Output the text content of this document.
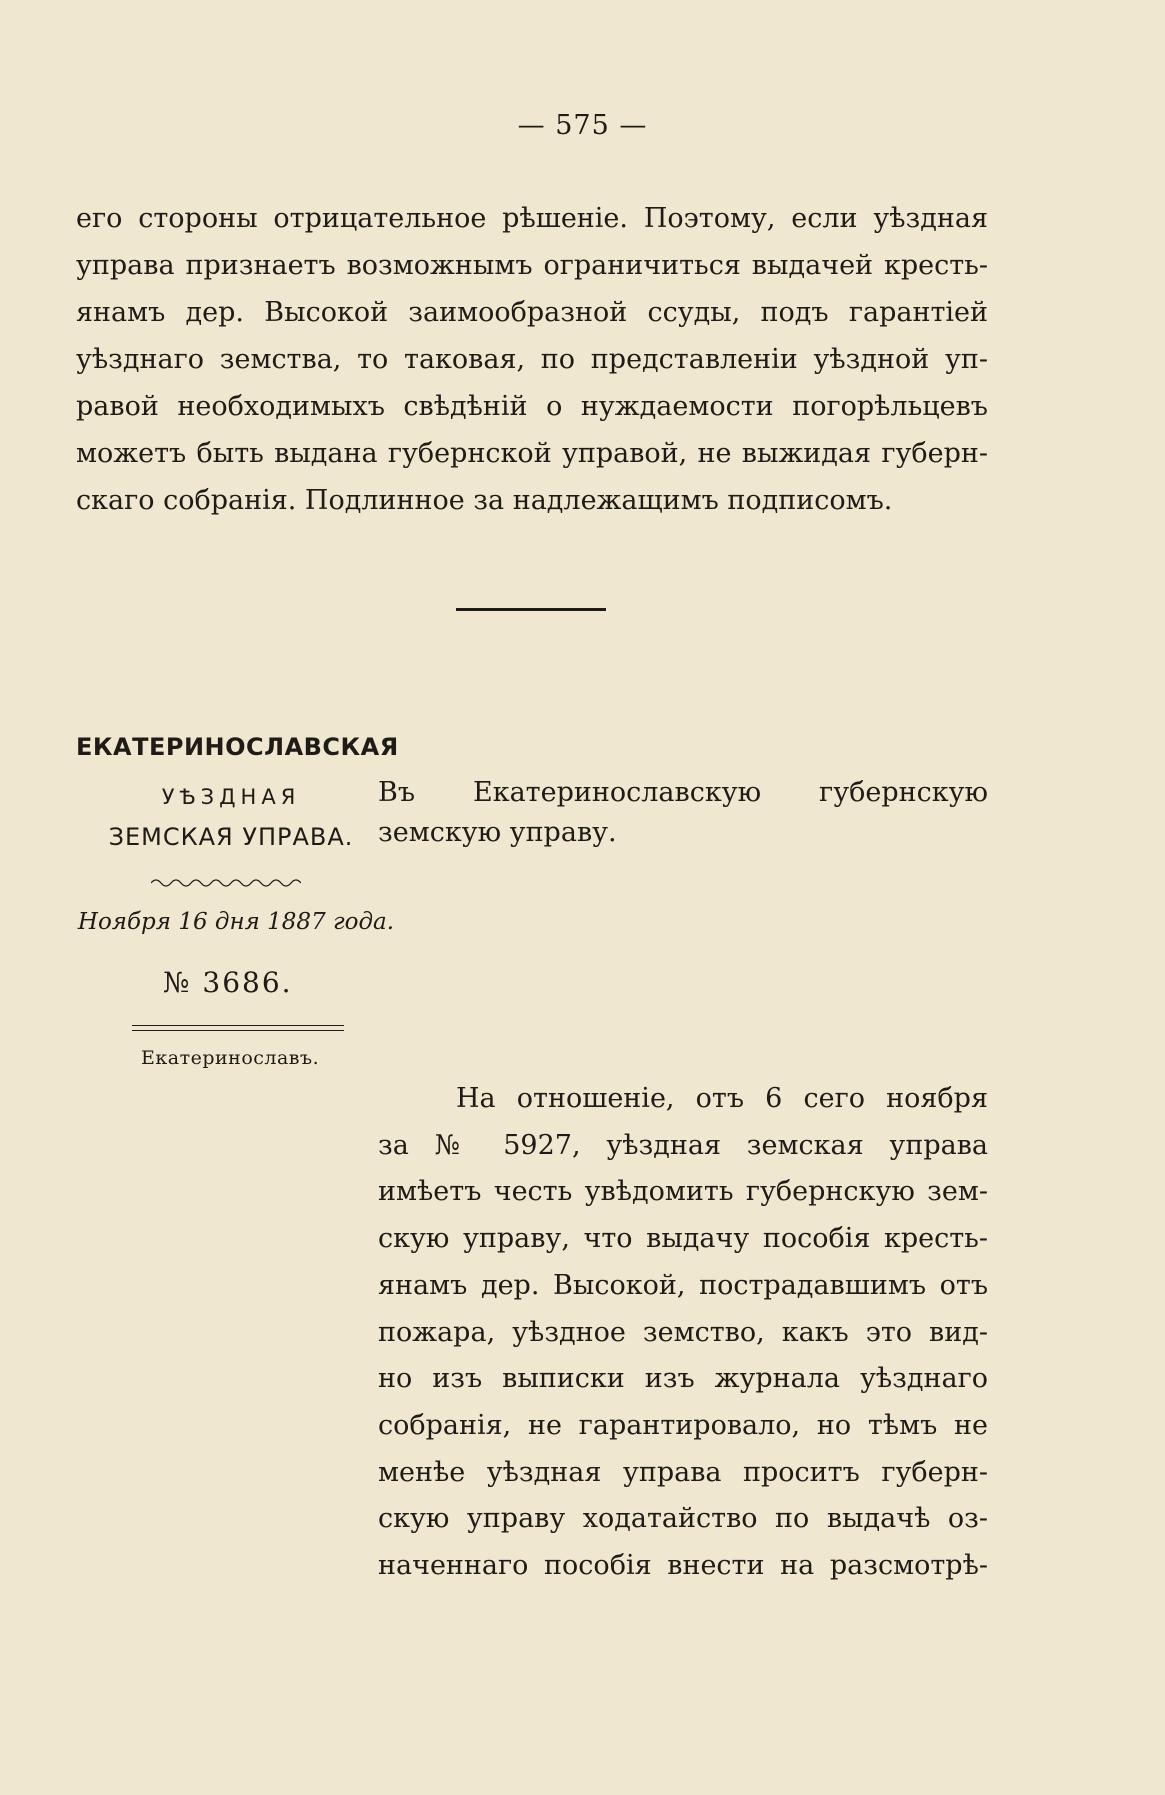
— 575 —
его стороны отрицательное рѣшеніе. Поэтому, если уѣздная
управа признаетъ возможнымъ ограничиться выдачей кресть-
янамъ дер. Высокой заимообразной ссуды, подъ гарантіей
уѣзднаго земства, то таковая, по представленіи уѣздной уп-
равой необходимыхъ свѣдѣній о нуждаемости погорѣльцевъ
можетъ быть выдана губернской управой, не выжидая губерн-
скаго собранія. Подлинное за надлежащимъ подписомъ.
ЕКАТЕРИНОСЛАВСКАЯ
УѢЗДНАЯ
ЗЕМСКАЯ УПРАВА.
Ноября 16 дня 1887 года.
№ 3686.
Екатеринославъ.
Въ Екатеринославскую губернскую
земскую управу.
На отношеніе, отъ 6 сего ноября
за № 5927, уѣздная земская управа
имѣетъ честь увѣдомить губернскую зем-
скую управу, что выдачу пособія кресть-
янамъ дер. Высокой, пострадавшимъ отъ
пожара, уѣздное земство, какъ это вид-
но изъ выписки изъ журнала уѣзднаго
собранія, не гарантировало, но тѣмъ не
менѣе уѣздная управа проситъ губерн-
скую управу ходатайство по выдачѣ оз-
наченнаго пособія внести на разсмотрѣ-
